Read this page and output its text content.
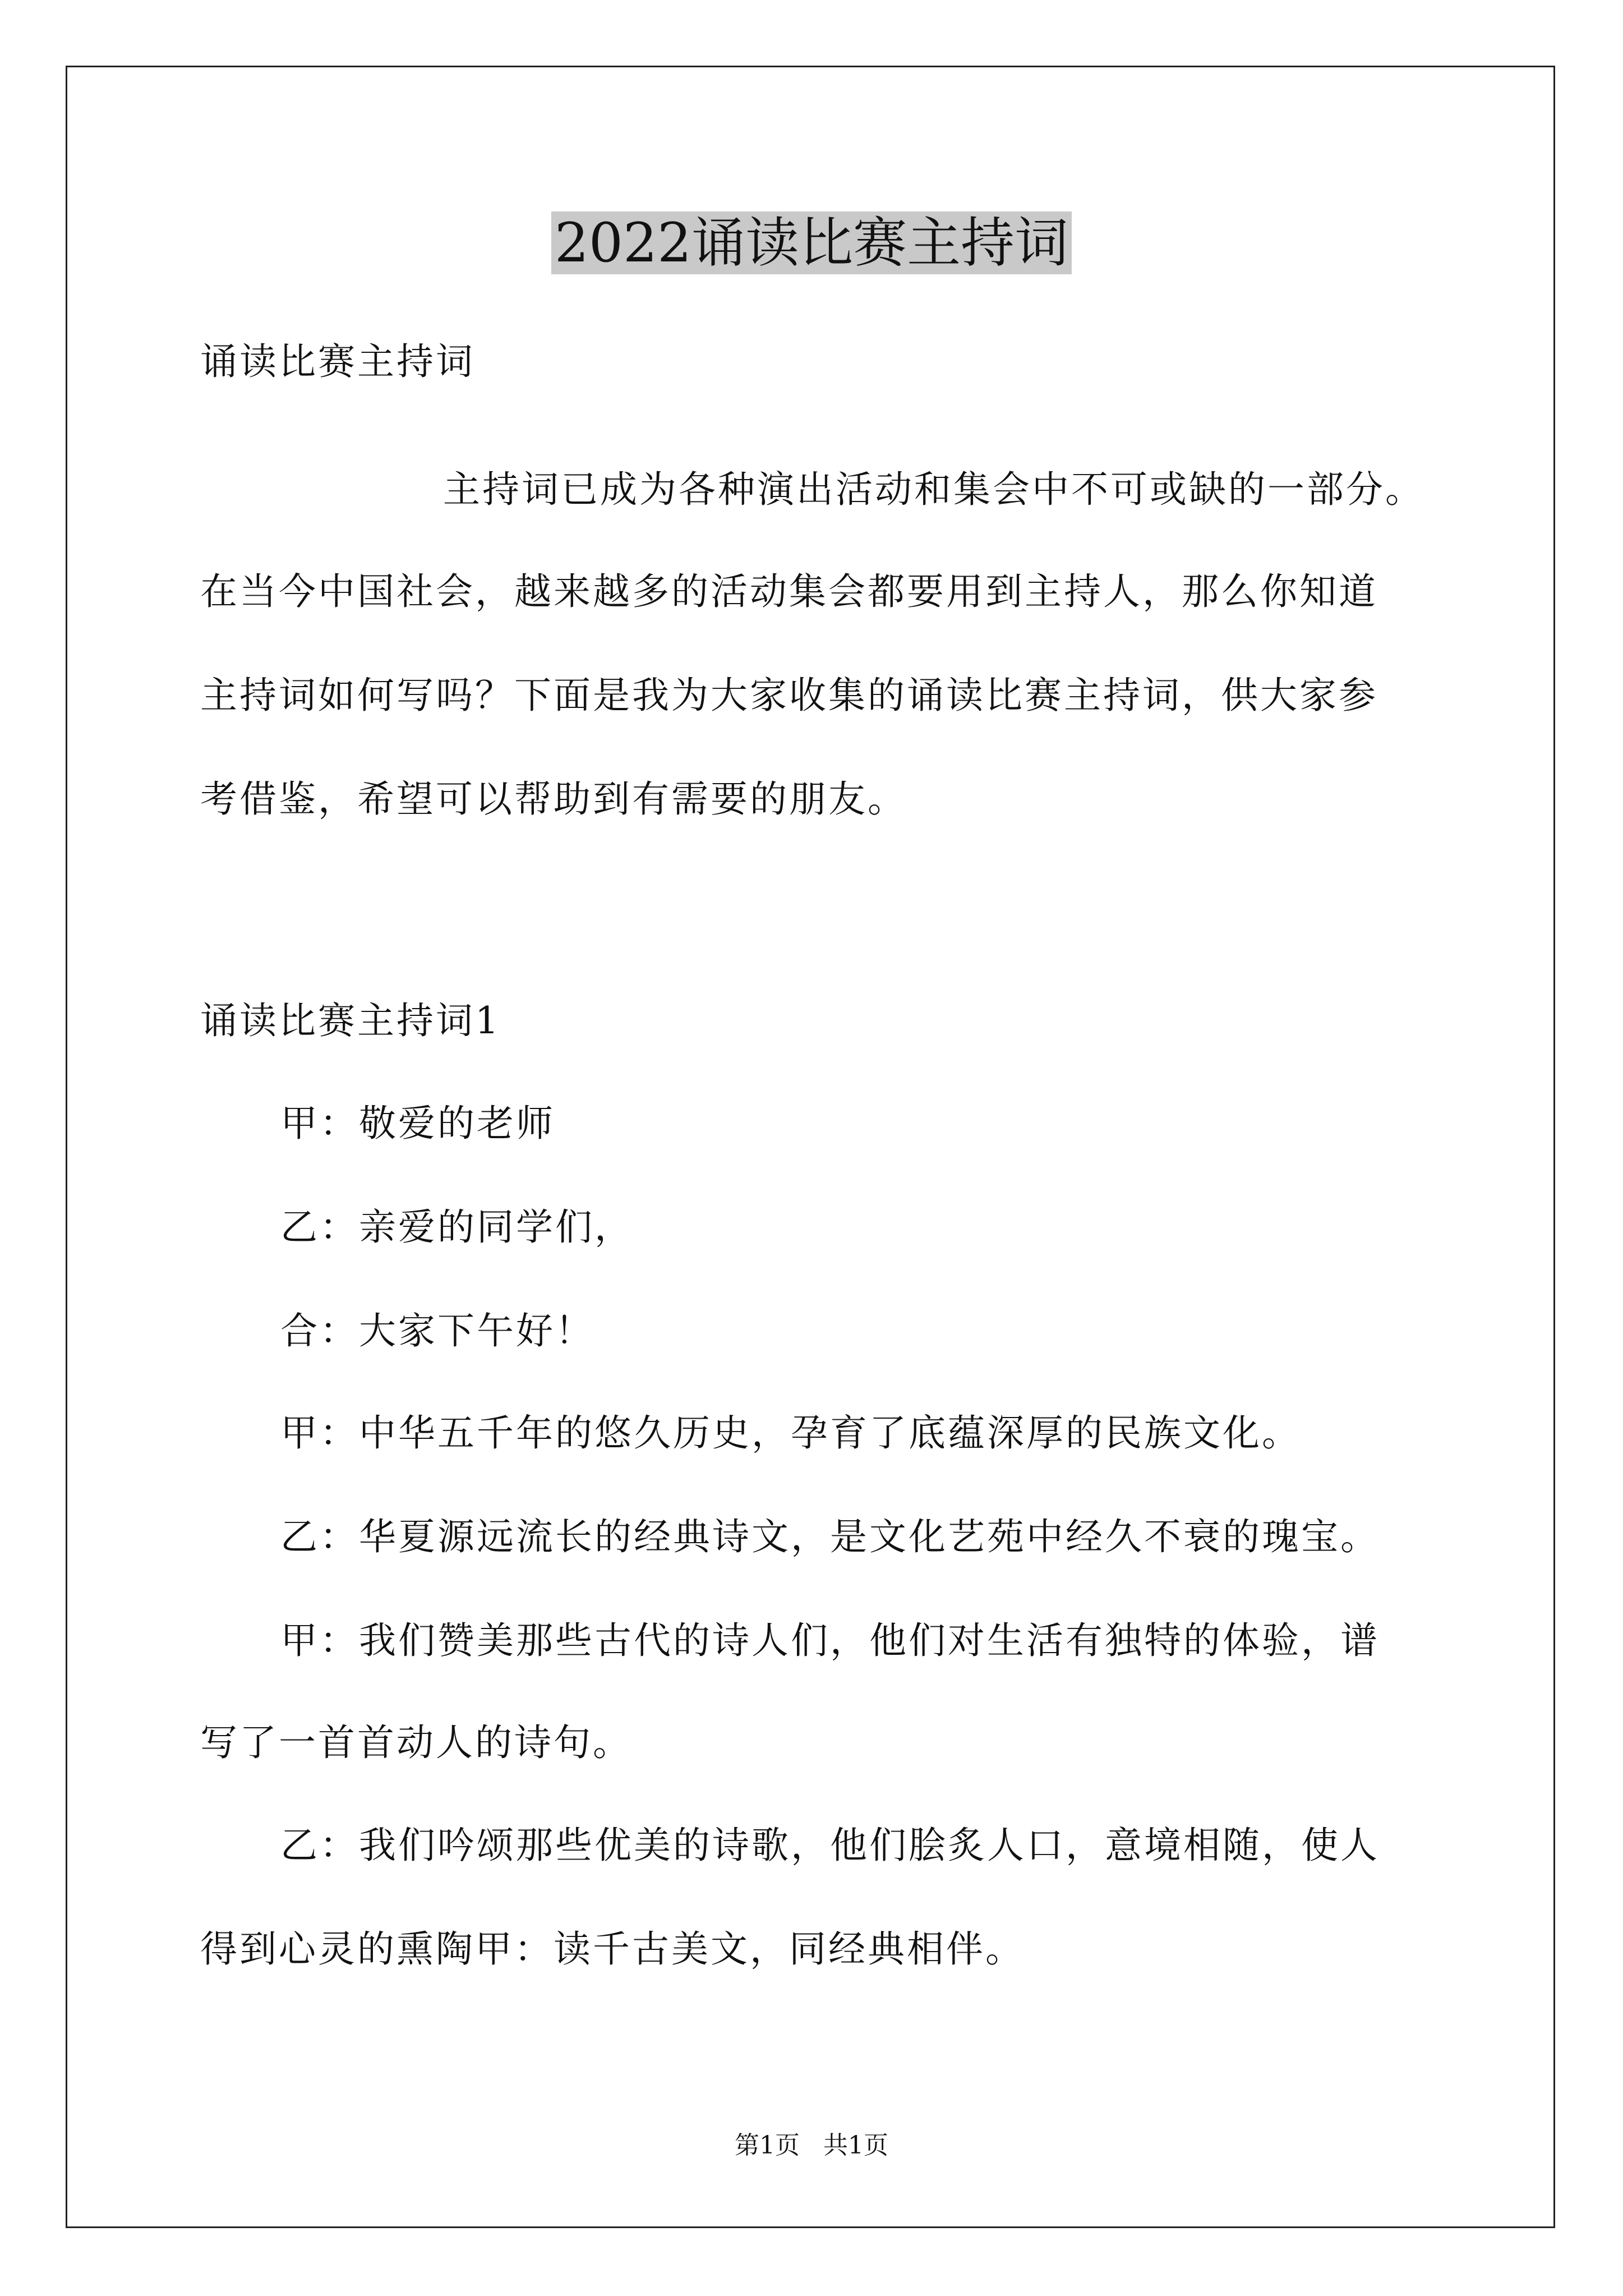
2022诵读比赛主持词
诵读比赛主持词
主持词已成为各种演出活动和集会中不可或缺的一部分。
在当今中国社会，越来越多的活动集会都要用到主持人，那么你知道
主持词如何写吗？下面是我为大家收集的诵读比赛主持词，供大家参
考借鉴，希望可以帮助到有需要的朋友。
诵读比赛主持词1
甲：敬爱的老师
乙：亲爱的同学们，
合：大家下午好！
甲：中华五千年的悠久历史，孕育了底蕴深厚的民族文化。
乙：华夏源远流长的经典诗文，是文化艺苑中经久不衰的瑰宝。
甲：我们赞美那些古代的诗人们，他们对生活有独特的体验，谱
写了一首首动人的诗句。
乙：我们吟颂那些优美的诗歌，他们脍炙人口，意境相随，使人
得到心灵的熏陶甲：读千古美文，同经典相伴。
第1页   共1页
